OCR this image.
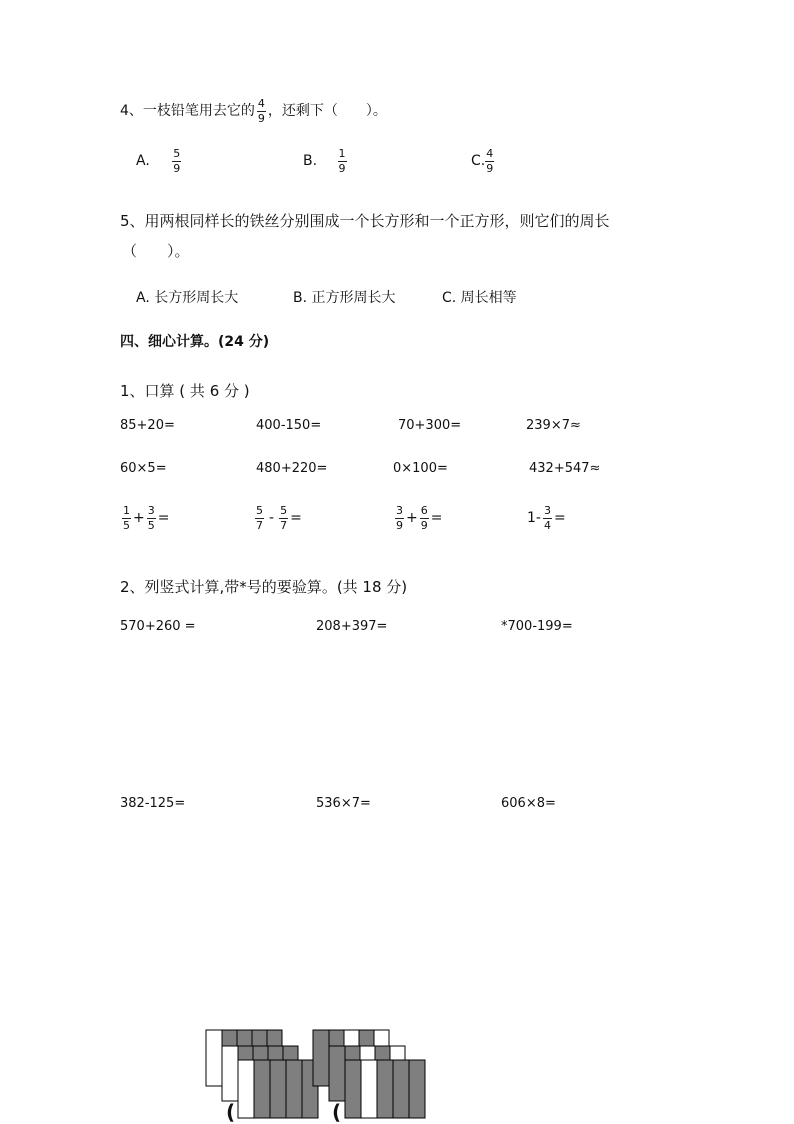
4、一枝铅笔用去它的 $\frac{4}{9}$ ，还剩下（　　）。
A. $\frac{5}{9}$	B. $\frac{1}{9}$	C. $\frac{4}{9}$
5、用两根同样长的铁丝分别围成一个长方形和一个正方形，则它们的周长
（　　）。
A. 长方形周长大	B. 正方形周长大	C. 周长相等
四、细心计算。(24 分)
1、口算 ( 共 6 分 )
85+20=	400-150=	70+300=	239×7≈
60×5=	480+220=	0×100=	432+547≈
$\frac{1}{5} + \frac{3}{5}$ =	$\frac{5}{7} - \frac{5}{7}$ =	$\frac{3}{9} + \frac{6}{9}$ =	$1- \frac{3}{4}$ =
2、列竖式计算,带*号的要验算。(共 18 分)
570+260 =	208+397=	*700-199=
382-125=	536×7=	606×8=
(	(
